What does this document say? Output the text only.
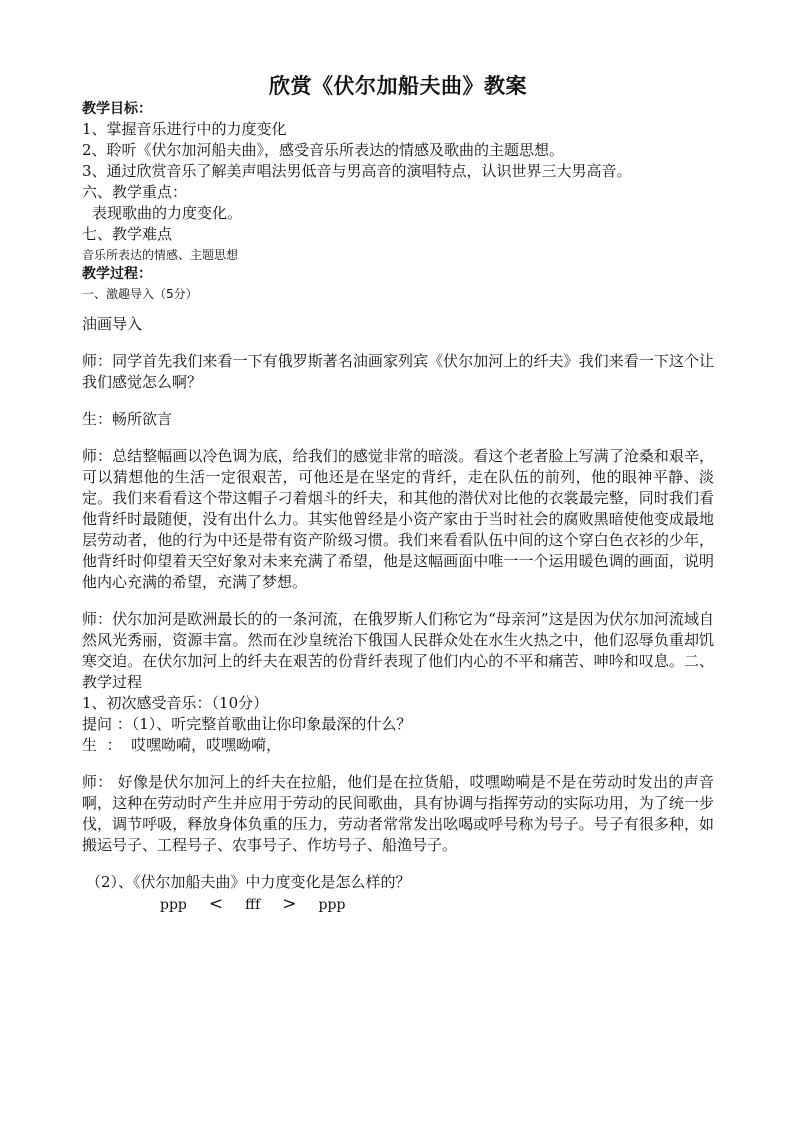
欣赏《伏尔加船夫曲》教案
教学目标：
1、掌握音乐进行中的力度变化
2、聆听《伏尔加河船夫曲》，感受音乐所表达的情感及歌曲的主题思想。
3、通过欣赏音乐了解美声唱法男低音与男高音的演唱特点，认识世界三大男高音。
六、教学重点：
表现歌曲的力度变化。
七、教学难点
音乐所表达的情感、主题思想
教学过程：
一、激趣导入（5分）
油画导入
师：同学首先我们来看一下有俄罗斯著名油画家列宾《伏尔加河上的纤夫》我们来看一下这个让我们感觉怎么啊？
生：畅所欲言
师：总结整幅画以冷色调为底，给我们的感觉非常的暗淡。看这个老者脸上写满了沧桑和艰辛，可以猜想他的生活一定很艰苦，可他还是在坚定的背纤，走在队伍的前列，他的眼神平静、淡定。我们来看看这个带这帽子刁着烟斗的纤夫，和其他的潜伏对比他的衣裳最完整，同时我们看他背纤时最随便，没有出什么力。其实他曾经是小资产家由于当时社会的腐败黑暗使他变成最地层劳动者，他的行为中还是带有资产阶级习惯。我们来看看队伍中间的这个穿白色衣衫的少年，他背纤时仰望着天空好象对未来充满了希望，他是这幅画面中唯一一个运用暖色调的画面，说明他内心充满的希望，充满了梦想。
师：伏尔加河是欧洲最长的的一条河流，在俄罗斯人们称它为“母亲河”这是因为伏尔加河流域自然风光秀丽，资源丰富。然而在沙皇统治下俄国人民群众处在水生火热之中，他们忍辱负重却饥寒交迫。在伏尔加河上的纤夫在艰苦的份背纤表现了他们内心的不平和痛苦、呻吟和叹息。二、教学过程
1、初次感受音乐：（10分）
提问 ：（1）、听完整首歌曲让你印象最深的什么？
生  ：  哎嘿呦嗬，哎嘿呦嗬，
师： 好像是伏尔加河上的纤夫在拉船，他们是在拉货船，哎嘿呦嗬是不是在劳动时发出的声音啊，这种在劳动时产生并应用于劳动的民间歌曲，具有协调与指挥劳动的实际功用，为了统一步伐，调节呼吸，释放身体负重的压力，劳动者常常发出吆喝或呼号称为号子。号子有很多种，如搬运号子、工程号子、农事号子、作坊号子、船渔号子。
（2）、《伏尔加船夫曲》中力度变化是怎么样的？
ppp < fff > ppp
